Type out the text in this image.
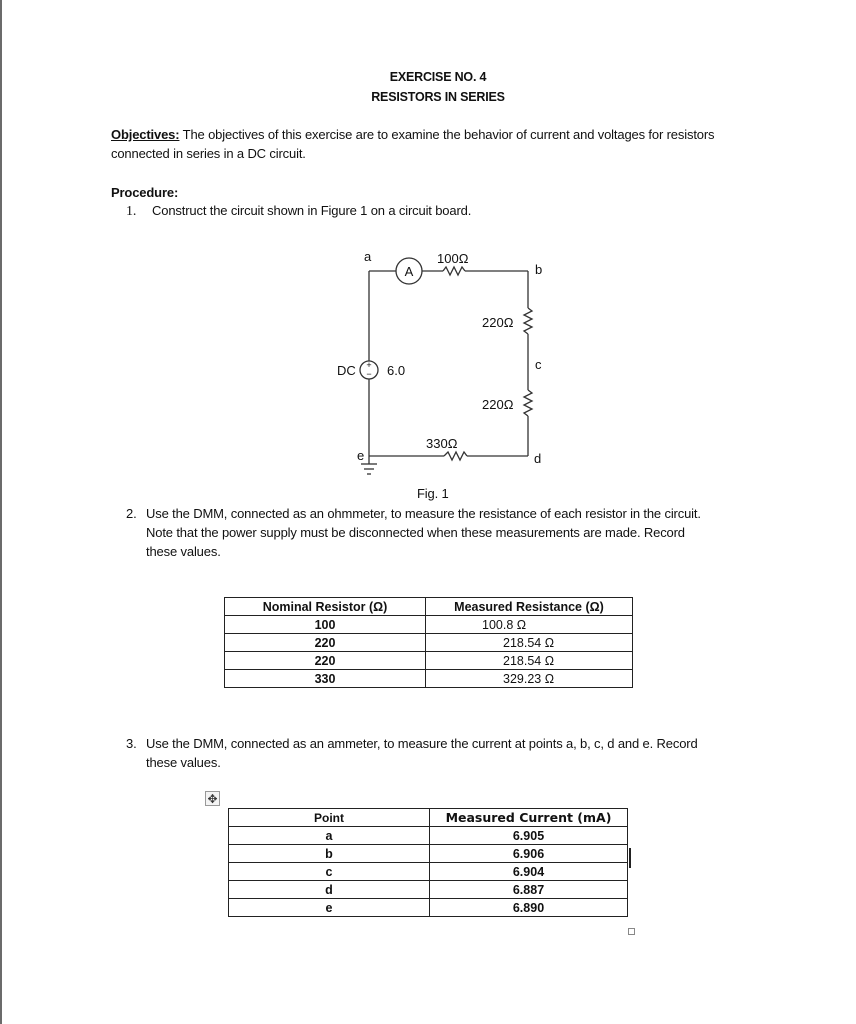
EXERCISE NO. 4
RESISTORS IN SERIES
Objectives: The objectives of this exercise are to examine the behavior of current and voltages for resistors
connected in series in a DC circuit.
Procedure:
1. Construct the circuit shown in Figure 1 on a circuit board.
A
+
−
a
b
c
d
e
100Ω
220Ω
220Ω
330Ω
DC 6.0
Fig. 1
2. Use the DMM, connected as an ohmmeter, to measure the resistance of each resistor in the circuit.
Note that the power supply must be disconnected when these measurements are made. Record
these values.
Nominal Resistor (Ω)	Measured Resistance (Ω)
100	100.8 Ω
220	218.54 Ω
220	218.54 Ω
330	329.23 Ω
3. Use the DMM, connected as an ammeter, to measure the current at points a, b, c, d and e. Record
these values.
✥
Point	Measured Current (mA)
a	6.905
b	6.906
c	6.904
d	6.887
e	6.890
